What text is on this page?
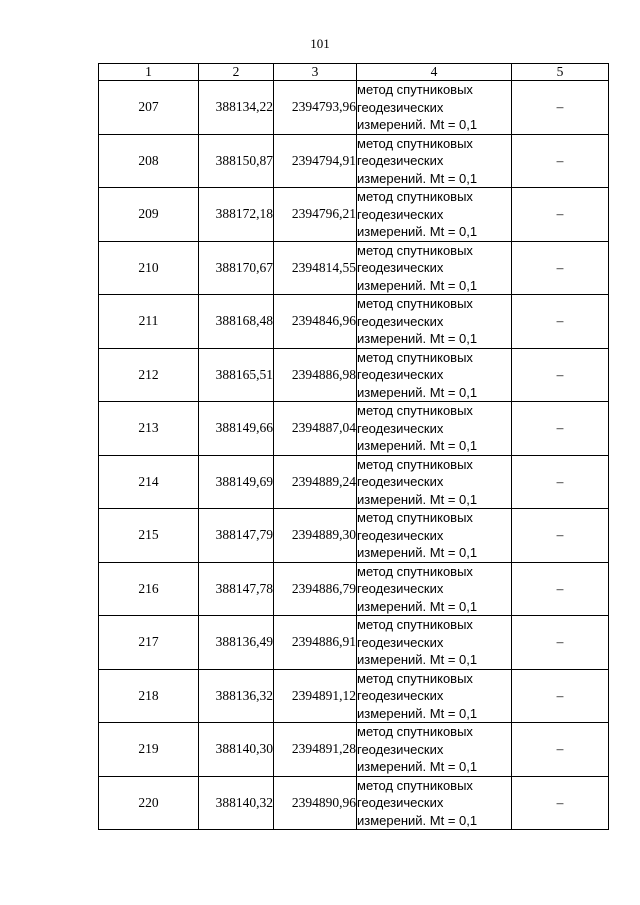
101
1	2	3	4	5
207	388134,22	2394793,96	метод спутниковых
геодезических
измерений. Mt = 0,1	–
208	388150,87	2394794,91	метод спутниковых
геодезических
измерений. Mt = 0,1	–
209	388172,18	2394796,21	метод спутниковых
геодезических
измерений. Mt = 0,1	–
210	388170,67	2394814,55	метод спутниковых
геодезических
измерений. Mt = 0,1	–
211	388168,48	2394846,96	метод спутниковых
геодезических
измерений. Mt = 0,1	–
212	388165,51	2394886,98	метод спутниковых
геодезических
измерений. Mt = 0,1	–
213	388149,66	2394887,04	метод спутниковых
геодезических
измерений. Mt = 0,1	–
214	388149,69	2394889,24	метод спутниковых
геодезических
измерений. Mt = 0,1	–
215	388147,79	2394889,30	метод спутниковых
геодезических
измерений. Mt = 0,1	–
216	388147,78	2394886,79	метод спутниковых
геодезических
измерений. Mt = 0,1	–
217	388136,49	2394886,91	метод спутниковых
геодезических
измерений. Mt = 0,1	–
218	388136,32	2394891,12	метод спутниковых
геодезических
измерений. Mt = 0,1	–
219	388140,30	2394891,28	метод спутниковых
геодезических
измерений. Mt = 0,1	–
220	388140,32	2394890,96	метод спутниковых
геодезических
измерений. Mt = 0,1	–
